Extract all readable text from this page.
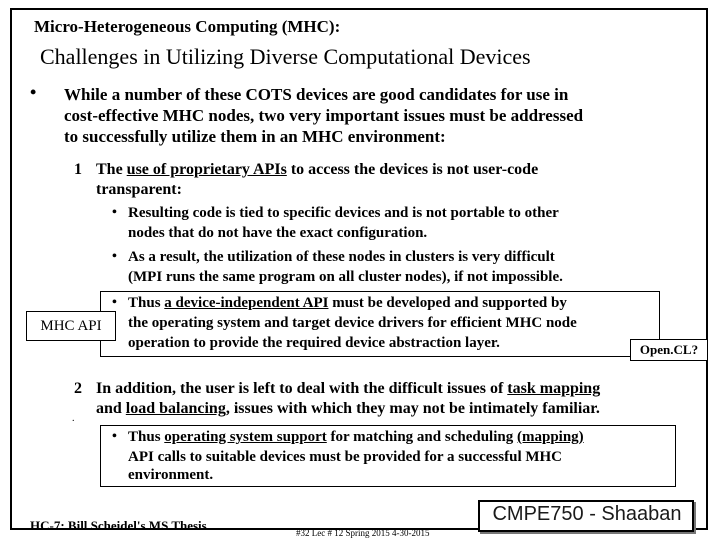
Micro-Heterogeneous Computing (MHC):
Challenges in Utilizing Diverse Computational Devices
• While a number of these COTS devices are good candidates for use in
cost-effective MHC nodes, two very important issues must be addressed
to successfully utilize them in an MHC environment:
1 The use of proprietary APIs to access the devices is not user-code
transparent:
• Resulting code is tied to specific devices and is not portable to other
nodes that do not have the exact configuration.
• As a result, the utilization of these nodes in clusters is very difficult
(MPI runs the same program on all cluster nodes), if not impossible.
• Thus a device-independent API must be developed and supported by
the operating system and target device drivers for efficient MHC node
operation to provide the required device abstraction layer.
MHC API
Open.CL?
2 In addition, the user is left to deal with the difficult issues of task mapping
and load balancing, issues with which they may not be intimately familiar.
.
• Thus operating system support for matching and scheduling (mapping)
API calls to suitable devices must be provided for a successful MHC
environment.
HC-7: Bill Scheidel's MS Thesis	#32 Lec # 12 Spring 2015 4-30-2015
CMPE750 - Shaaban
